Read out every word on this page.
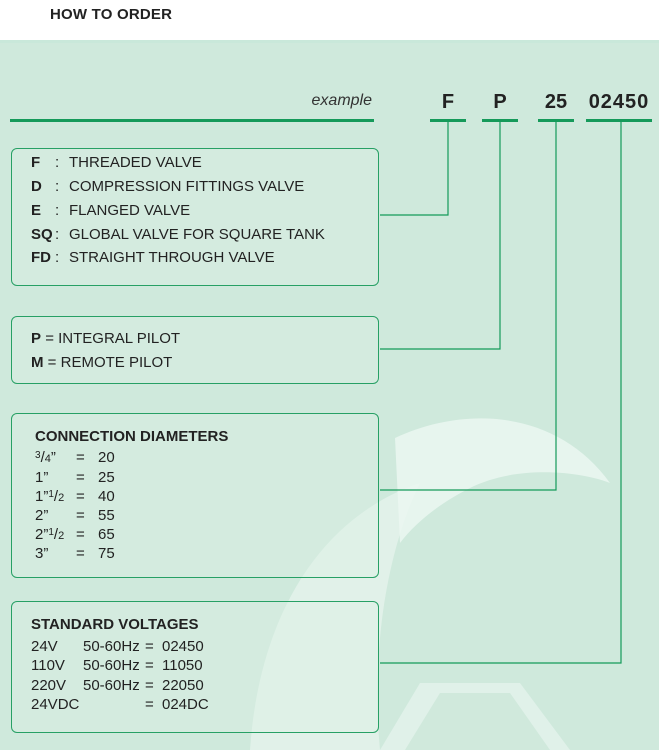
HOW TO ORDER
example	F	P	25	02450
F : THREADED VALVE
D : COMPRESSION FITTINGS VALVE
E : FLANGED VALVE
SQ : GLOBAL VALVE FOR SQUARE TANK
FD : STRAIGHT THROUGH VALVE
P = INTEGRAL PILOT
M = REMOTE PILOT
CONNECTION DIAMETERS
$^3$/4” = 20
1” = 25
1”$^1$/2 = 40
2” = 55
2”$^1$/2 = 65
3” = 75
STANDARD VOLTAGES
24V 50-60Hz = 02450
110V 50-60Hz = 11050
220V 50-60Hz = 22050
24VDC	= 024DC
